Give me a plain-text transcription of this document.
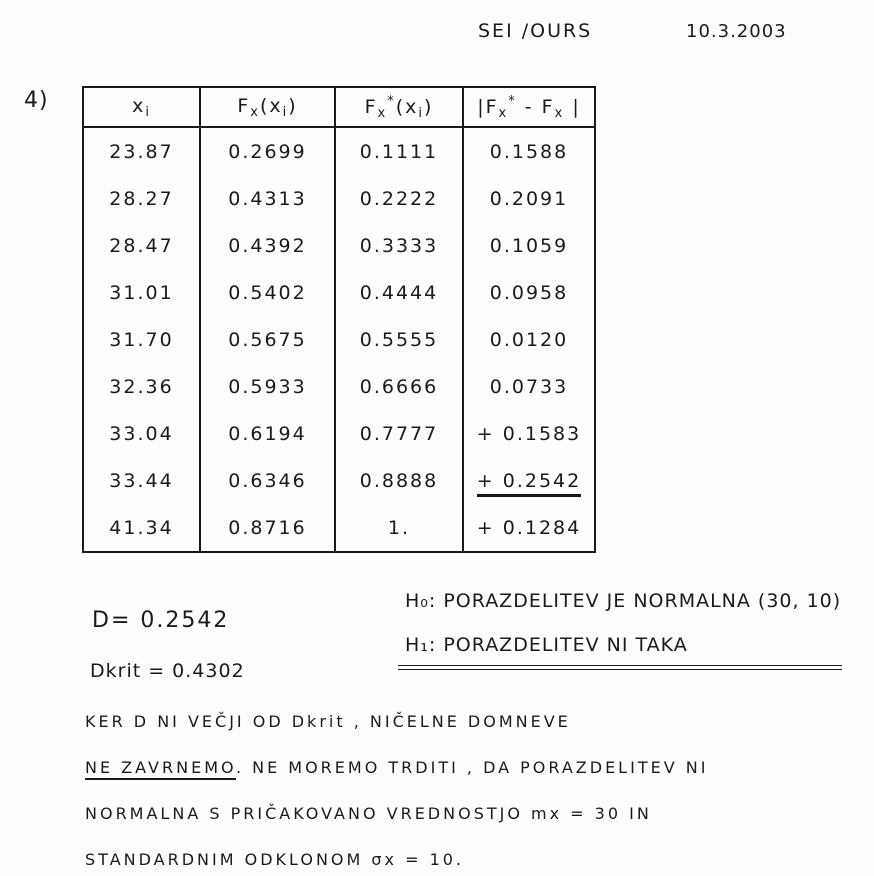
SEI /OURS	10.3.2003
4)	$x_i$	$F_x(x_i)$	$F_x^*(x_i)$	$|F_x^* - F_x$ |
23.87	0.2699	0.1111	0.1588
28.27	0.4313	0.2222	0.2091
28.47	0.4392	0.3333	0.1059
31.01	0.5402	0.4444	0.0958
31.70	0.5675	0.5555	0.0120
32.36	0.5933	0.6666	0.0733
33.04	0.6194	0.7777	+ 0.1583
33.44	0.6346	0.8888	+ 0.2542
41.34	0.8716	1.	+ 0.1284
H₀: PORAZDELITEV JE NORMALNA (30, 10)
H₁: PORAZDELITEV NI TAKA
D= 0.2542
Dkrit = 0.4302
KER D NI VEČJI OD Dkrit , NIČELNE DOMNEVE
NE ZAVRNEMO. NE MOREMO TRDITI , DA PORAZDELITEV NI
NORMALNA S PRIČAKOVANO VREDNOSTJO mx = 30 IN
STANDARDNIM ODKLONOM σx = 10.
